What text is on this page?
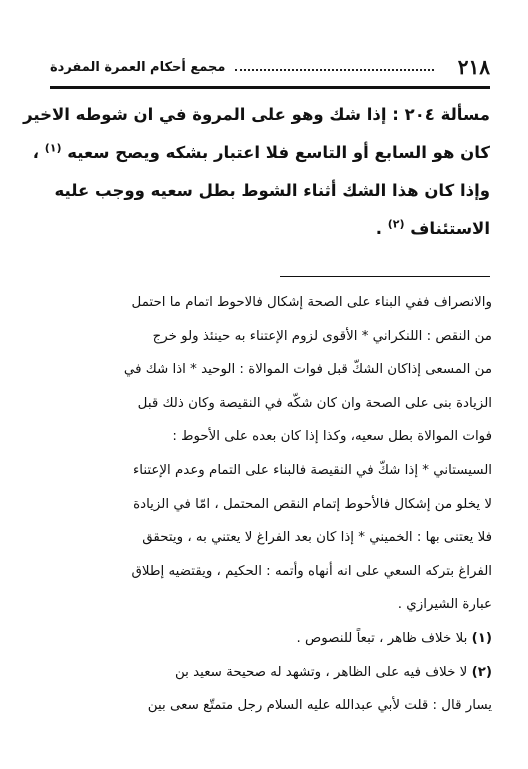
٢١٨
مجمع أحكام العمرة المفردة
مسألة ٢٠٤ : إذا شك وهو على المروة في ان شوطه الاخير
كان هو السابع أو التاسع فلا اعتبار بشكه ويصح سعيه $^{(١)}$ ،
وإذا كان هذا الشك أثناء الشوط بطل سعيه ووجب عليه
الاستئناف $^{(٢)}$ .
والانصراف ففي البناء على الصحة إشكال فالاحوط اتمام ما احتمل
من النقص : اللنكراني * الأقوى لزوم الإعتناء به حينئذ ولو خرج
من المسعى إذاكان الشكّ قبل فوات الموالاة : الوحيد * اذا شك في
الزيادة بنى على الصحة وان كان شكّه في النقيصة وكان ذلك قبل
فوات الموالاة بطل سعيه، وكذا إذا كان بعده على الأحوط :
السيستاني * إذا شكّ في النقيصة فالبناء على التمام وعدم الإعتناء
لا يخلو من إشكال فالأحوط إتمام النقص المحتمل ، امّا في الزيادة
فلا يعتنى بها : الخميني * إذا كان بعد الفراغ لا يعتني به ، ويتحقق
الفراغ بتركه السعي على انه أنهاه وأتمه : الحكيم ، ويقتضيه إطلاق
عبارة الشيرازي .
(١) بلا خلاف ظاهر ، تبعاً للنصوص .
(٢) لا خلاف فيه على الظاهر ، وتشهد له صحيحة سعيد بن
يسار قال : قلت لأبي عبدالله عليه السلام رجل متمتّع سعى بين
